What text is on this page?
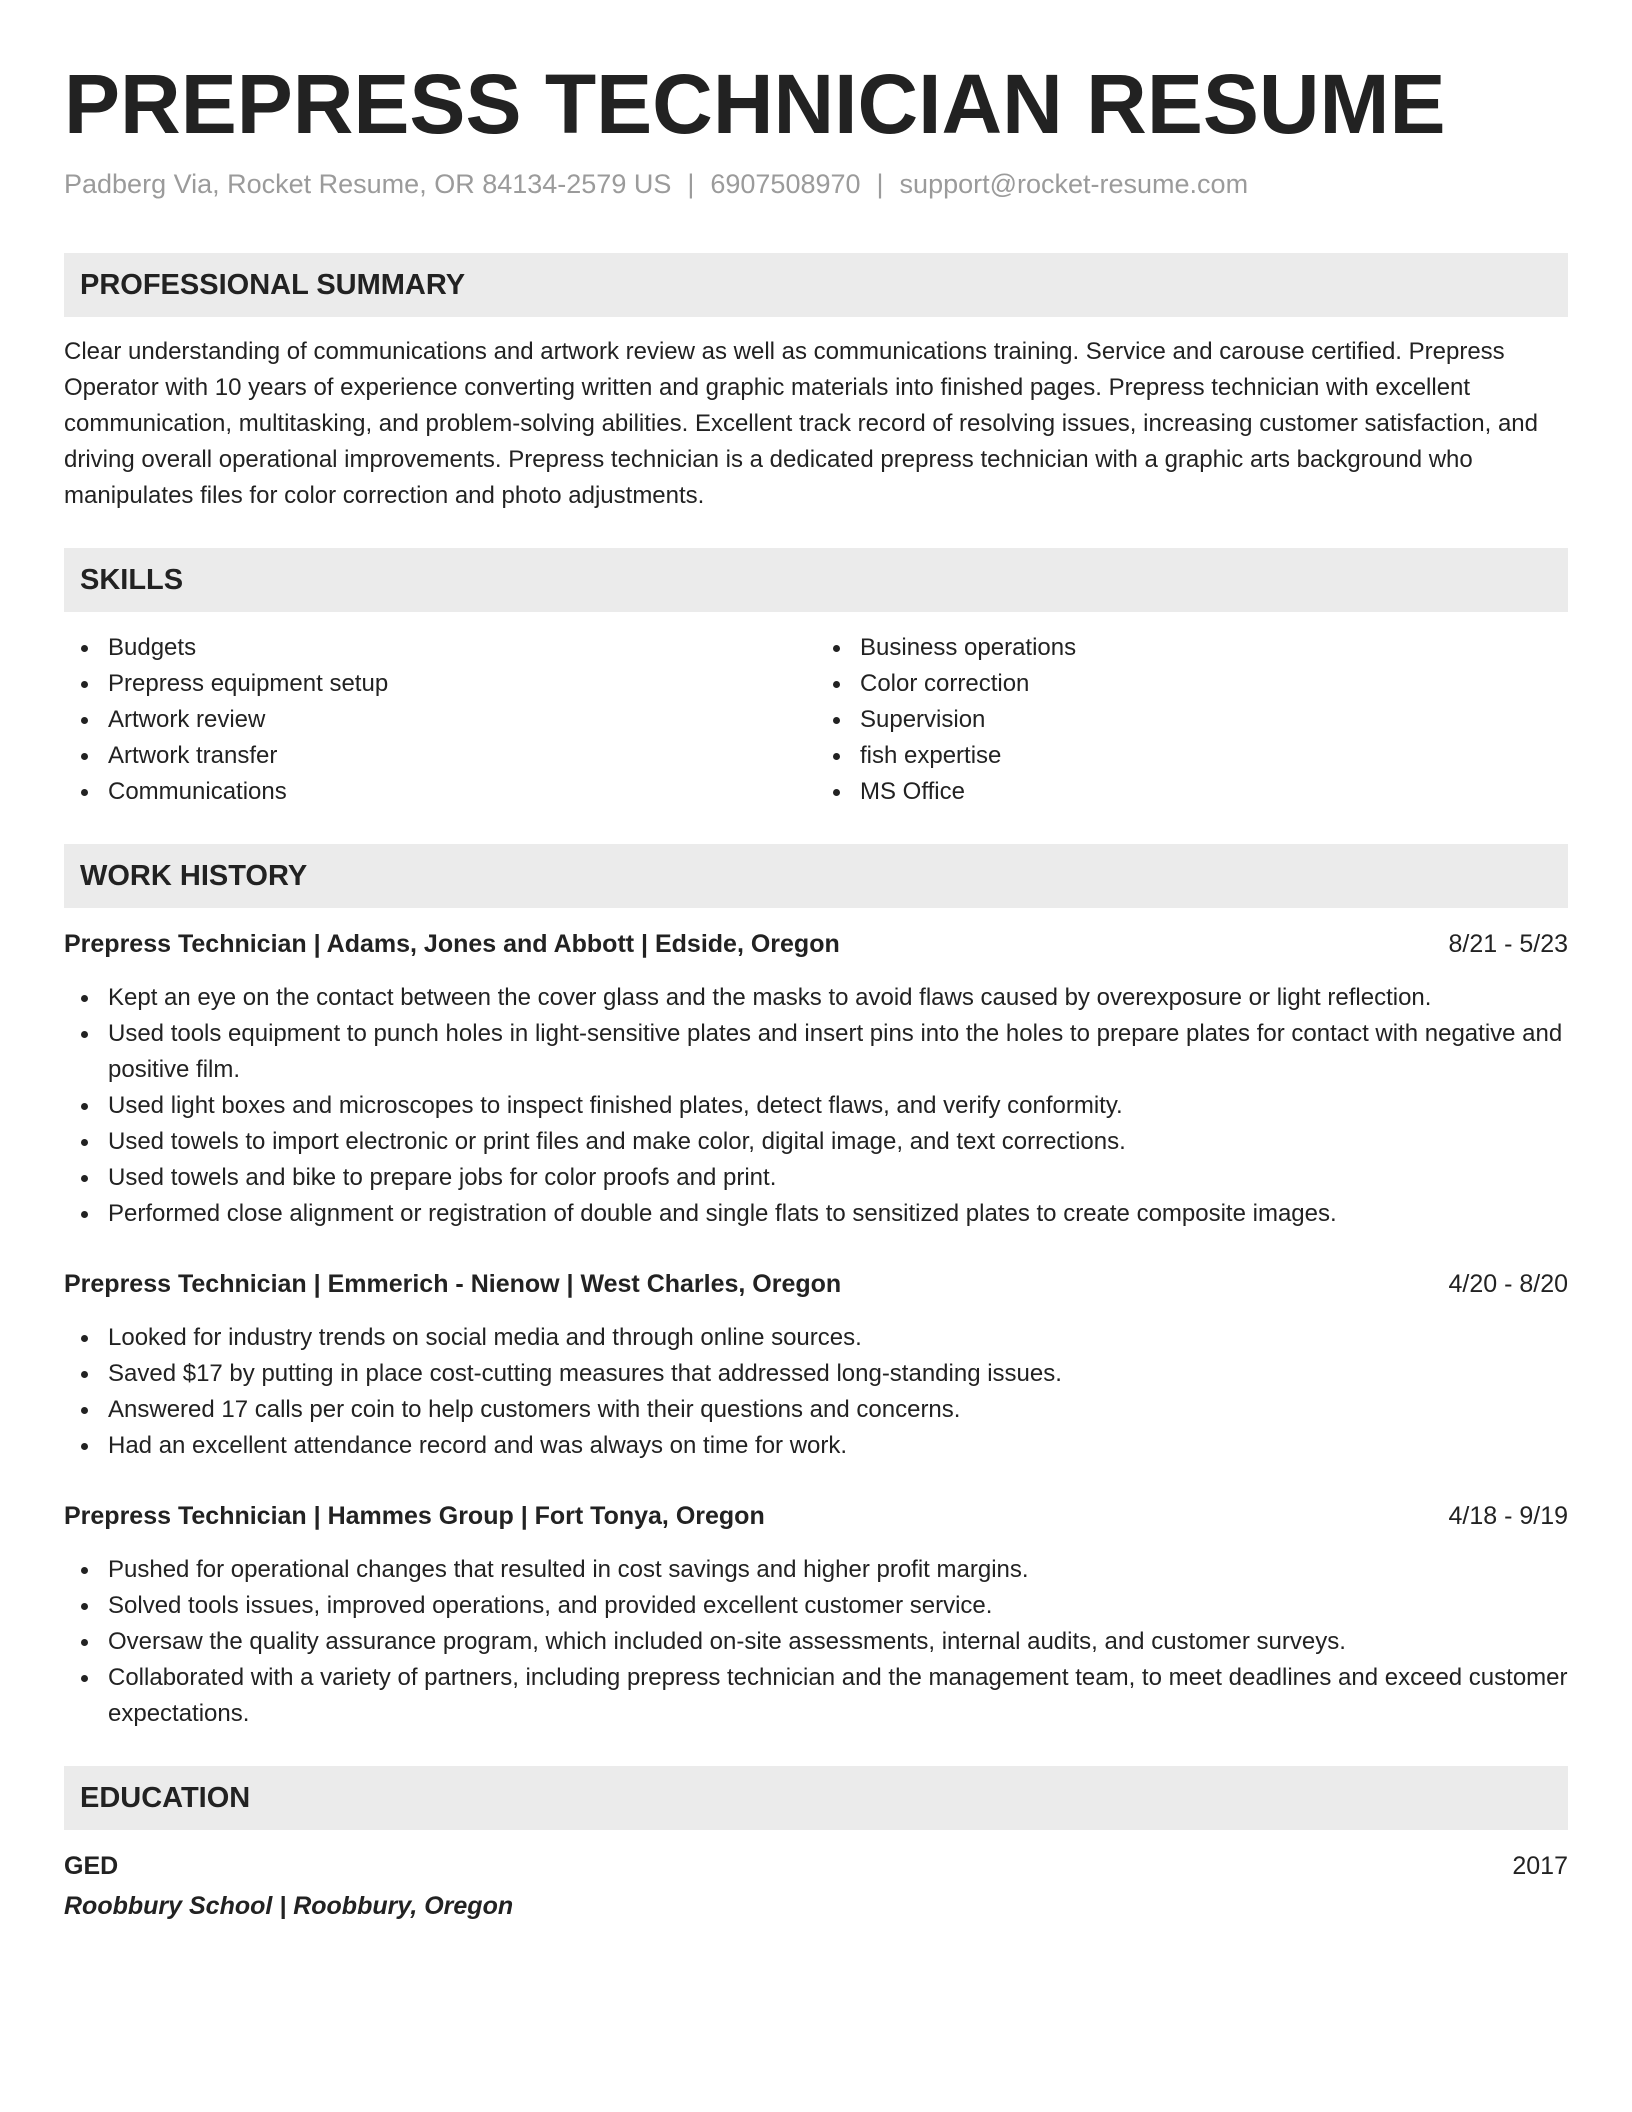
PREPRESS TECHNICIAN RESUME
Padberg Via, Rocket Resume, OR 84134-2579 US | 6907508970 | support@rocket-resume.com
PROFESSIONAL SUMMARY
Clear understanding of communications and artwork review as well as communications training. Service and carouse certified. Prepress Operator with 10 years of experience converting written and graphic materials into finished pages. Prepress technician with excellent communication, multitasking, and problem-solving abilities. Excellent track record of resolving issues, increasing customer satisfaction, and driving overall operational improvements. Prepress technician is a dedicated prepress technician with a graphic arts background who manipulates files for color correction and photo adjustments.
SKILLS
Budgets
Prepress equipment setup
Artwork review
Artwork transfer
Communications
Business operations
Color correction
Supervision
fish expertise
MS Office
WORK HISTORY
Prepress Technician | Adams, Jones and Abbott | Edside, Oregon	8/21 - 5/23
Kept an eye on the contact between the cover glass and the masks to avoid flaws caused by overexposure or light reflection.
Used tools equipment to punch holes in light-sensitive plates and insert pins into the holes to prepare plates for contact with negative and positive film.
Used light boxes and microscopes to inspect finished plates, detect flaws, and verify conformity.
Used towels to import electronic or print files and make color, digital image, and text corrections.
Used towels and bike to prepare jobs for color proofs and print.
Performed close alignment or registration of double and single flats to sensitized plates to create composite images.
Prepress Technician | Emmerich - Nienow | West Charles, Oregon	4/20 - 8/20
Looked for industry trends on social media and through online sources.
Saved $17 by putting in place cost-cutting measures that addressed long-standing issues.
Answered 17 calls per coin to help customers with their questions and concerns.
Had an excellent attendance record and was always on time for work.
Prepress Technician | Hammes Group | Fort Tonya, Oregon	4/18 - 9/19
Pushed for operational changes that resulted in cost savings and higher profit margins.
Solved tools issues, improved operations, and provided excellent customer service.
Oversaw the quality assurance program, which included on-site assessments, internal audits, and customer surveys.
Collaborated with a variety of partners, including prepress technician and the management team, to meet deadlines and exceed customer expectations.
EDUCATION
GED	2017
Roobbury School | Roobbury, Oregon
